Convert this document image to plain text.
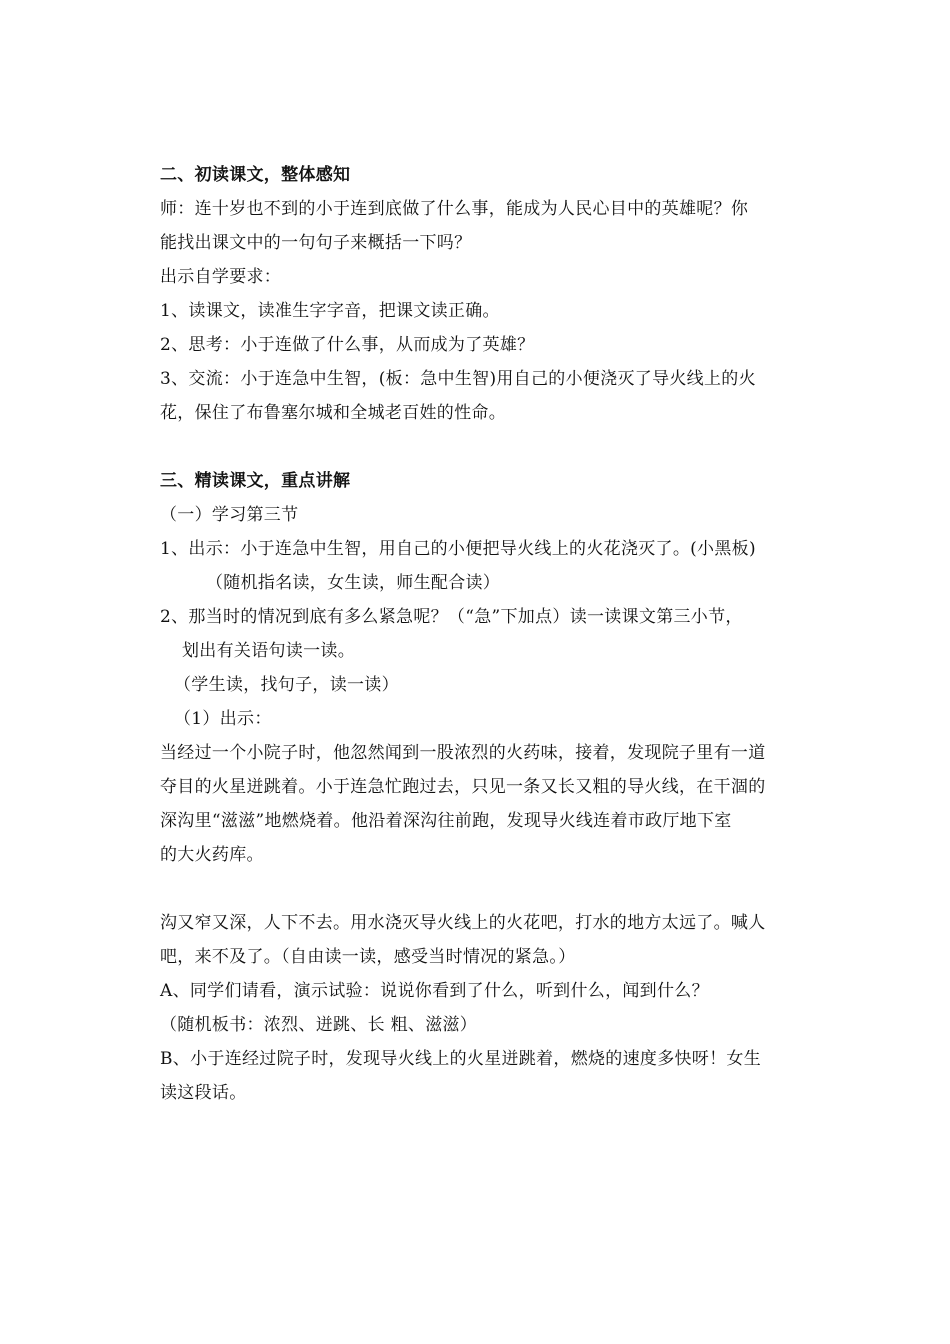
二、初读课文，整体感知
师：连十岁也不到的小于连到底做了什么事，能成为人民心目中的英雄呢？你
能找出课文中的一句句子来概括一下吗？
出示自学要求：
1、读课文，读准生字字音，把课文读正确。
2、思考：小于连做了什么事，从而成为了英雄？
3、交流：小于连急中生智，(板：急中生智)用自己的小便浇灭了导火线上的火
花，保住了布鲁塞尔城和全城老百姓的性命。
三、精读课文，重点讲解
（一）学习第三节
1、出示：小于连急中生智，用自己的小便把导火线上的火花浇灭了。(小黑板)
（随机指名读，女生读，师生配合读）
2、那当时的情况到底有多么紧急呢？（“急”下加点）读一读课文第三小节，
划出有关语句读一读。
（学生读，找句子，读一读）
（1）出示：
当经过一个小院子时，他忽然闻到一股浓烈的火药味，接着，发现院子里有一道
夺目的火星迸跳着。小于连急忙跑过去，只见一条又长又粗的导火线，在干涸的
深沟里“滋滋”地燃烧着。他沿着深沟往前跑，发现导火线连着市政厅地下室
的大火药库。
沟又窄又深，人下不去。用水浇灭导火线上的火花吧，打水的地方太远了。喊人
吧，来不及了。（自由读一读，感受当时情况的紧急。）
A、同学们请看，演示试验：说说你看到了什么，听到什么，闻到什么？
（随机板书：浓烈、迸跳、长 粗、滋滋）
B、小于连经过院子时，发现导火线上的火星迸跳着，燃烧的速度多快呀！女生
读这段话。
